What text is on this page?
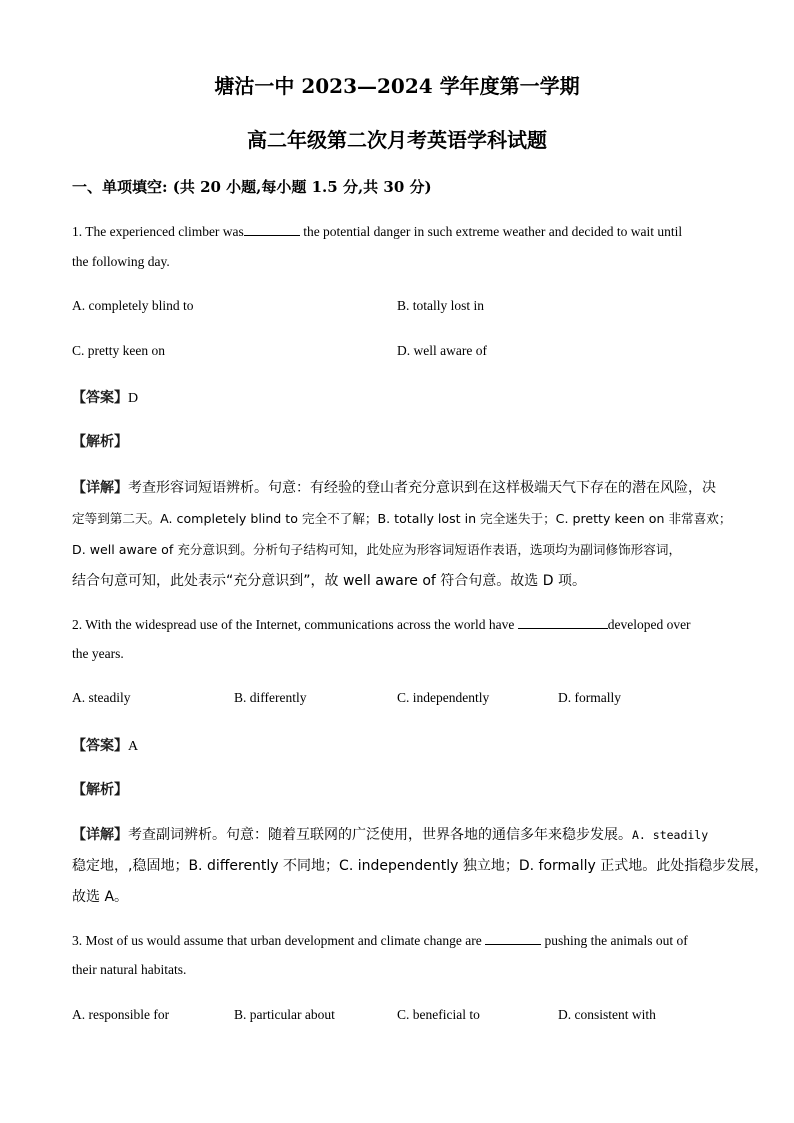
塘沽一中 2023—2024 学年度第一学期
高二年级第二次月考英语学科试题
一、单项填空: (共 20 小题,每小题 1.5 分,共 30 分)
1. The experienced climber was	the potential danger in such extreme weather and decided to wait until
the following day.
A. completely blind to	B. totally lost in
C. pretty keen on	D. well aware of
【答案】D
【解析】
【详解】考查形容词短语辨析。句意：有经验的登山者充分意识到在这样极端天气下存在的潜在风险，决
定等到第二天。A. completely blind to 完全不了解；B. totally lost in 完全迷失于；C. pretty keen on 非常喜欢；
D. well aware of 充分意识到。分析句子结构可知，此处应为形容词短语作表语，选项均为副词修饰形容词，
结合句意可知，此处表示“充分意识到”，故 well aware of 符合句意。故选 D 项。
2. With the widespread use of the Internet, communications across the world have	developed over
the years.
A. steadily	B. differently	C. independently	D. formally
【答案】A
【解析】
【详解】考查副词辨析。句意：随着互联网的广泛使用，世界各地的通信多年来稳步发展。A. steadily
稳定地，,稳固地；B. differently 不同地；C. independently 独立地；D. formally 正式地。此处指稳步发展，
故选 A。
3. Most of us would assume that urban development and climate change are	pushing the animals out of
their natural habitats.
A. responsible for	B. particular about	C. beneficial to	D. consistent with
